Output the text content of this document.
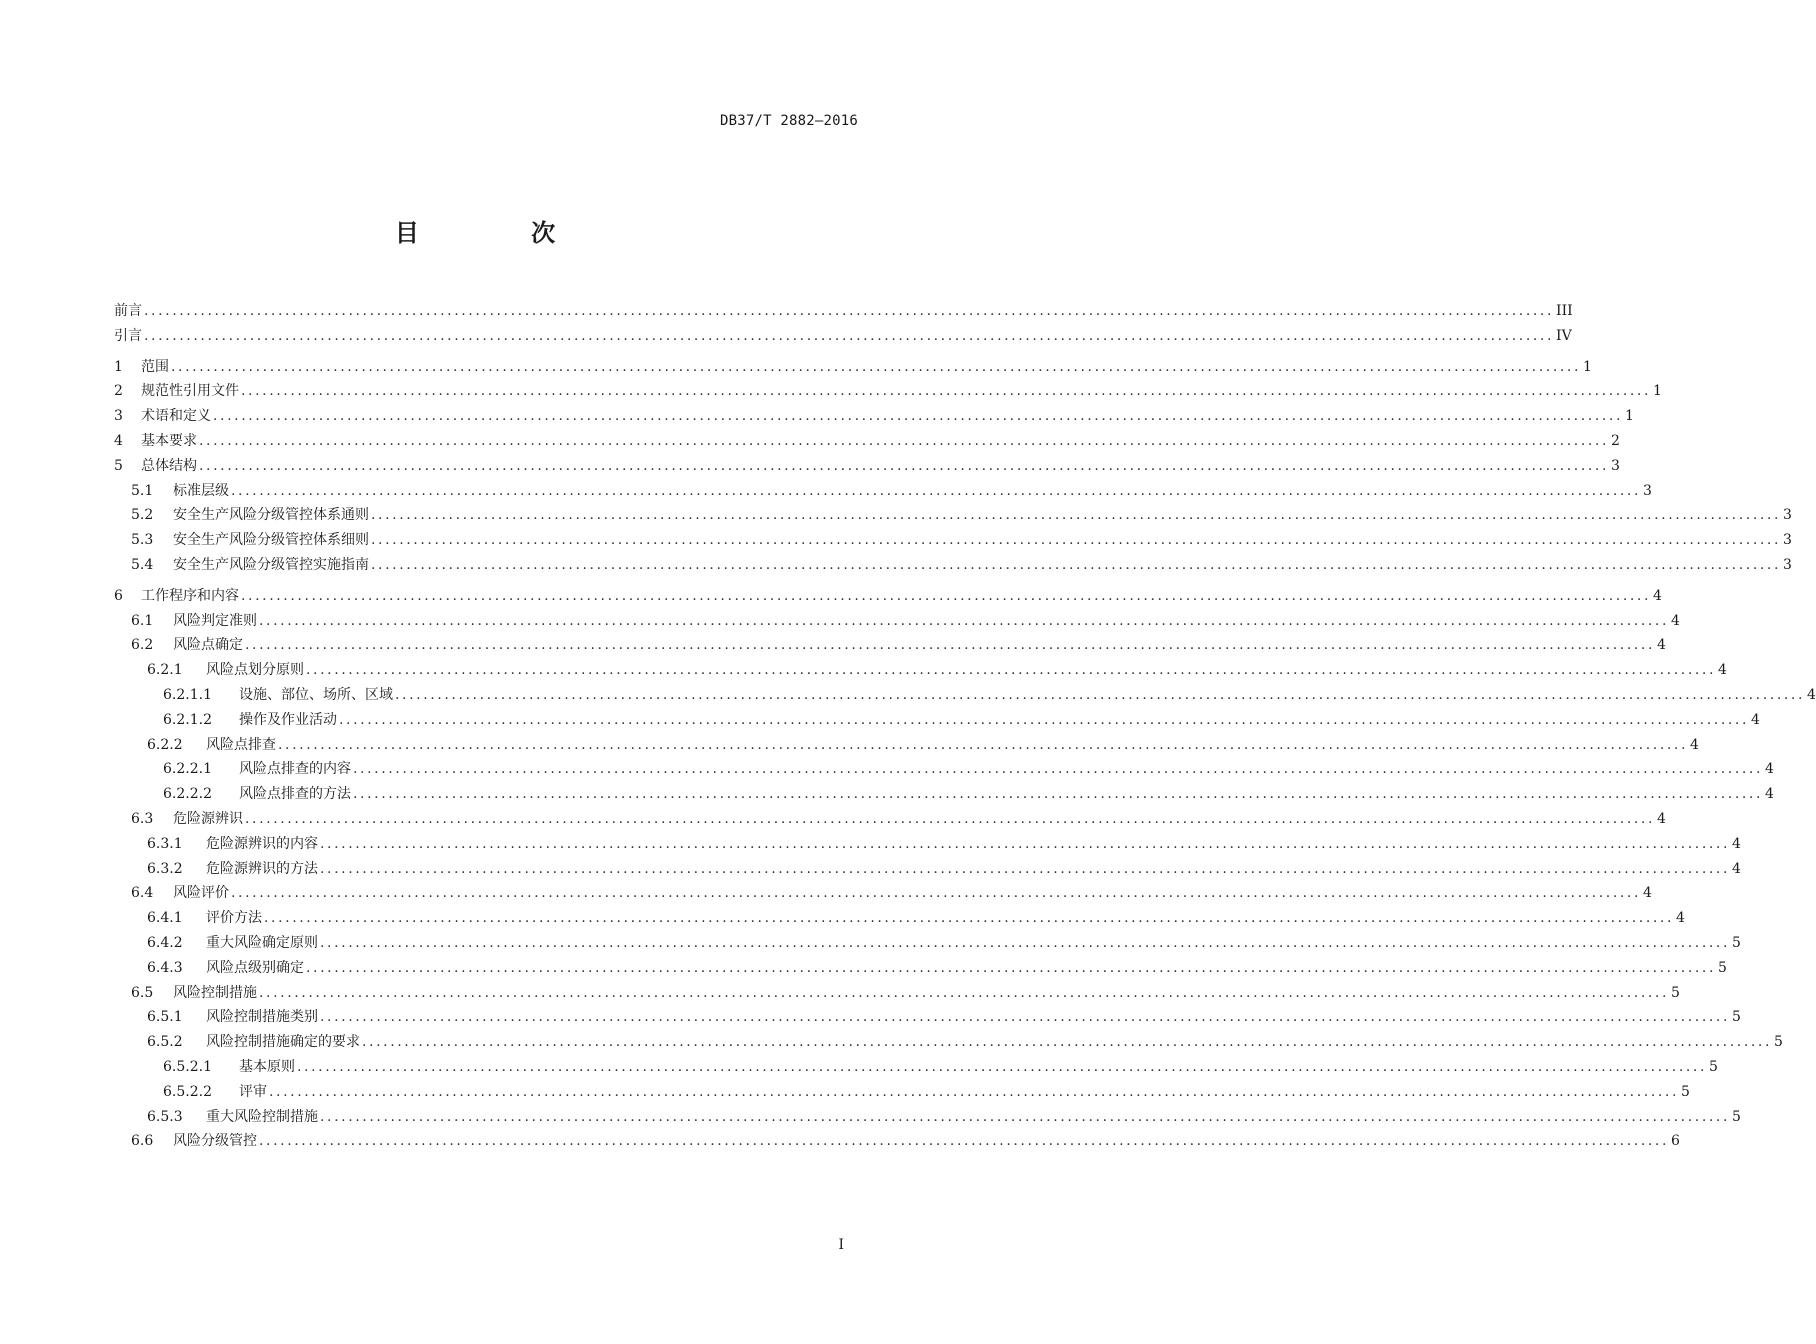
DB37/T 2882—2016
目 次
前言 ........................................................................................................................................................................................................ III
引言 ........................................................................................................................................................................................................ IV
1	范围 ........................................................................................................................................................................................................ 1
2	规范性引用文件 ........................................................................................................................................................................................................ 1
3	术语和定义 ........................................................................................................................................................................................................ 1
4	基本要求 ........................................................................................................................................................................................................ 2
5	总体结构 ........................................................................................................................................................................................................ 3
5.1	标准层级 ........................................................................................................................................................................................................ 3
5.2	安全生产风险分级管控体系通则 ........................................................................................................................................................................................................ 3
5.3	安全生产风险分级管控体系细则 ........................................................................................................................................................................................................ 3
5.4	安全生产风险分级管控实施指南 ........................................................................................................................................................................................................ 3
6	工作程序和内容 ........................................................................................................................................................................................................ 4
6.1	风险判定准则 ........................................................................................................................................................................................................ 4
6.2	风险点确定 ........................................................................................................................................................................................................ 4
6.2.1	风险点划分原则 ........................................................................................................................................................................................................ 4
6.2.1.1	设施、部位、场所、区域 ........................................................................................................................................................................................................ 4
6.2.1.2	操作及作业活动 ........................................................................................................................................................................................................ 4
6.2.2	风险点排查 ........................................................................................................................................................................................................ 4
6.2.2.1	风险点排查的内容 ........................................................................................................................................................................................................ 4
6.2.2.2	风险点排查的方法 ........................................................................................................................................................................................................ 4
6.3	危险源辨识 ........................................................................................................................................................................................................ 4
6.3.1	危险源辨识的内容 ........................................................................................................................................................................................................ 4
6.3.2	危险源辨识的方法 ........................................................................................................................................................................................................ 4
6.4	风险评价 ........................................................................................................................................................................................................ 4
6.4.1	评价方法 ........................................................................................................................................................................................................ 4
6.4.2	重大风险确定原则 ........................................................................................................................................................................................................ 5
6.4.3	风险点级别确定 ........................................................................................................................................................................................................ 5
6.5	风险控制措施 ........................................................................................................................................................................................................ 5
6.5.1	风险控制措施类别 ........................................................................................................................................................................................................ 5
6.5.2	风险控制措施确定的要求 ........................................................................................................................................................................................................ 5
6.5.2.1	基本原则 ........................................................................................................................................................................................................ 5
6.5.2.2	评审 ........................................................................................................................................................................................................ 5
6.5.3	重大风险控制措施 ........................................................................................................................................................................................................ 5
6.6	风险分级管控 ........................................................................................................................................................................................................ 6
I
